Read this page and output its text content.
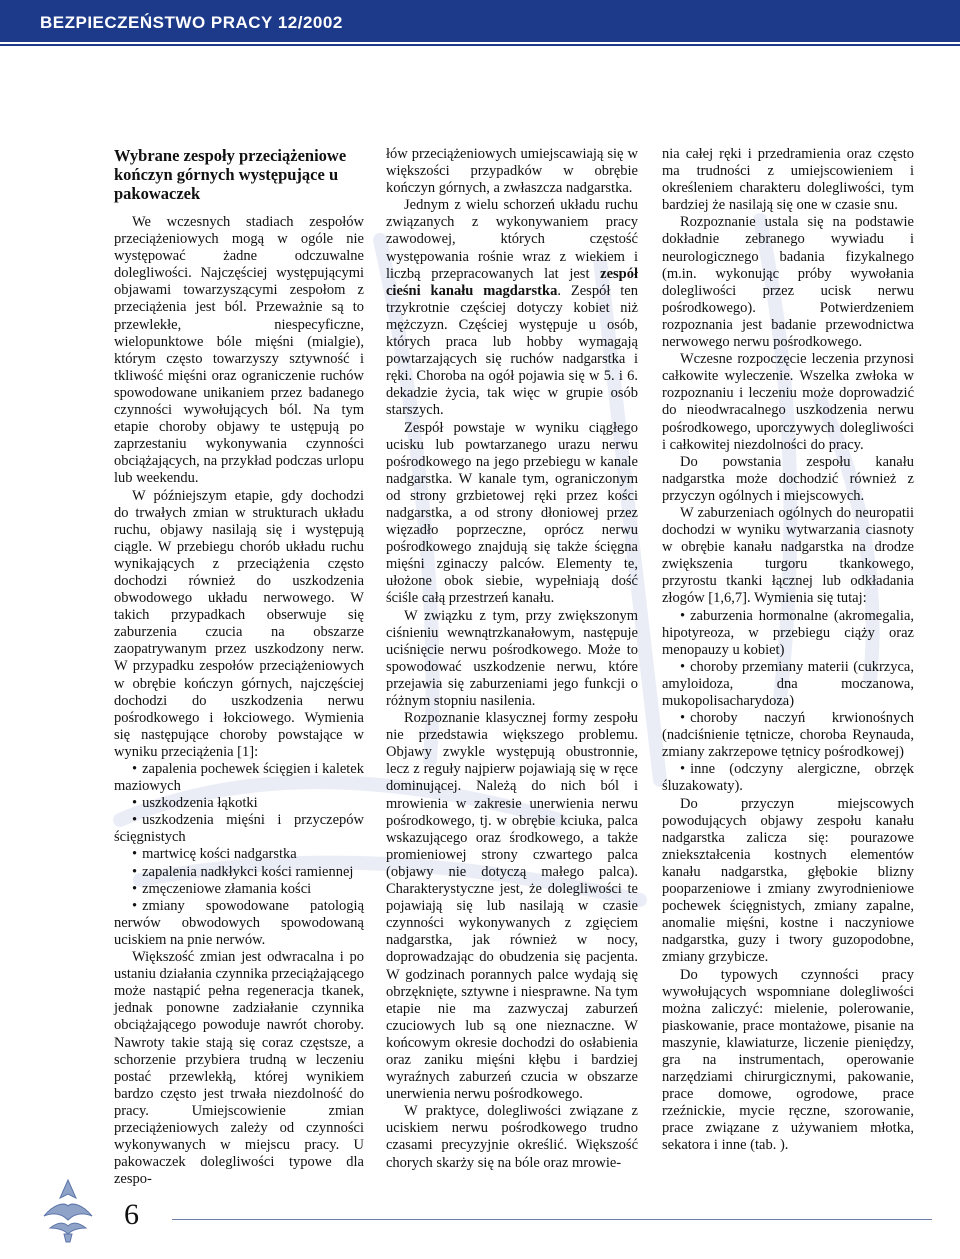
BEZPIECZEŃSTWO PRACY 12/2002
Wybrane zespoły przeciążeniowe kończyn górnych występujące u pakowaczek

We wczesnych stadiach zespołów przeciążeniowych mogą w ogóle nie występować żadne odczuwalne dolegliwości. Najczęściej występującymi objawami towarzyszącymi zespołom z przeciążenia jest ból. Przeważnie są to przewlekłe, niespecyficzne, wielopunktowe bóle mięśni (mialgie), którym często towarzyszy sztywność i tkliwość mięśni oraz ograniczenie ruchów spowodowane unikaniem przez badanego czynności wywołujących ból. Na tym etapie choroby objawy te ustępują po zaprzestaniu wykonywania czynności obciążających, na przykład podczas urlopu lub weekendu.

W późniejszym etapie, gdy dochodzi do trwałych zmian w strukturach układu ruchu, objawy nasilają się i występują ciągle. W przebiegu chorób układu ruchu wynikających z przeciążenia często dochodzi również do uszkodzenia obwodowego układu nerwowego. W takich przypadkach obserwuje się zaburzenia czucia na obszarze zaopatrywanym przez uszkodzony nerw. W przypadku zespołów przeciążeniowych w obrębie kończyn górnych, najczęściej dochodzi do uszkodzenia nerwu pośrodkowego i łokciowego. Wymienia się następujące choroby powstające w wyniku przeciążenia [1]:

• zapalenia pochewek ścięgien i kaletek maziowych
• uszkodzenia łąkotki
• uszkodzenia mięśni i przyczepów ścięgnistych
• martwicę kości nadgarstka
• zapalenia nadkłykci kości ramiennej
• zmęczeniowe złamania kości
• zmiany spowodowane patologią nerwów obwodowych spowodowaną uciskiem na pnie nerwów.

Większość zmian jest odwracalna i po ustaniu działania czynnika przeciążającego może nastąpić pełna regeneracja tkanek, jednak ponowne zadziałanie czynnika obciążającego powoduje nawrót choroby. Nawroty takie stają się coraz częstsze, a schorzenie przybiera trudną w leczeniu postać przewlekłą, której wynikiem bardzo często jest trwała niezdolność do pracy. Umiejscowienie zmian przeciążeniowych zależy od czynności wykonywanych w miejscu pracy. U pakowaczek dolegliwości typowe dla zespo-

łów przeciążeniowych umiejscawiają się w większości przypadków w obrębie kończyn górnych, a zwłaszcza nadgarstka.

Jednym z wielu schorzeń układu ruchu związanych z wykonywaniem pracy zawodowej, których częstość występowania rośnie wraz z wiekiem i liczbą przepracowanych lat jest zespół cieśni kanału magdarstka. Zespół ten trzykrotnie częściej dotyczy kobiet niż mężczyzn. Częściej występuje u osób, których praca lub hobby wymagają powtarzających się ruchów nadgarstka i ręki. Choroba na ogół pojawia się w 5. i 6. dekadzie życia, tak więc w grupie osób starszych.

Zespół powstaje w wyniku ciągłego ucisku lub powtarzanego urazu nerwu pośrodkowego na jego przebiegu w kanale nadgarstka. W kanale tym, ograniczonym od strony grzbietowej ręki przez kości nadgarstka, a od strony dłoniowej przez więzadło poprzeczne, oprócz nerwu pośrodkowego znajdują się także ścięgna mięśni zginaczy palców. Elementy te, ułożone obok siebie, wypełniają dość ściśle całą przestrzeń kanału.

W związku z tym, przy zwiększonym ciśnieniu wewnątrzkanałowym, następuje uciśnięcie nerwu pośrodkowego. Może to spowodować uszkodzenie nerwu, które przejawia się zaburzeniami jego funkcji o różnym stopniu nasilenia.

Rozpoznanie klasycznej formy zespołu nie przedstawia większego problemu. Objawy zwykle występują obustronnie, lecz z reguły najpierw pojawiają się w ręce dominującej. Należą do nich ból i mrowienia w zakresie unerwienia nerwu pośrodkowego, tj. w obrębie kciuka, palca wskazującego oraz środkowego, a także promieniowej strony czwartego palca (objawy nie dotyczą małego palca). Charakterystyczne jest, że dolegliwości te pojawiają się lub nasilają w czasie czynności wykonywanych z zgięciem nadgarstka, jak również w nocy, doprowadzając do obudzenia się pacjenta. W godzinach porannych palce wydają się obrzęknięte, sztywne i niesprawne. Na tym etapie nie ma zazwyczaj zaburzeń czuciowych lub są one nieznaczne. W końcowym okresie dochodzi do osłabienia oraz zaniku mięśni kłębu i bardziej wyraźnych zaburzeń czucia w obszarze unerwienia nerwu pośrodkowego.

W praktyce, dolegliwości związane z uciskiem nerwu pośrodkowego trudno czasami precyzyjnie określić. Większość chorych skarży się na bóle oraz mrowie-

nia całej ręki i przedramienia oraz często ma trudności z umiejscowieniem i określeniem charakteru dolegliwości, tym bardziej że nasilają się one w czasie snu.

Rozpoznanie ustala się na podstawie dokładnie zebranego wywiadu i neurologicznego badania fizykalnego (m.in. wykonując próby wywołania dolegliwości przez ucisk nerwu pośrodkowego). Potwierdzeniem rozpoznania jest badanie przewodnictwa nerwowego nerwu pośrodkowego.

Wczesne rozpoczęcie leczenia przynosi całkowite wyleczenie. Wszelka zwłoka w rozpoznaniu i leczeniu może doprowadzić do nieodwracalnego uszkodzenia nerwu pośrodkowego, uporczywych dolegliwości i całkowitej niezdolności do pracy.

Do powstania zespołu kanału nadgarstka może dochodzić również z przyczyn ogólnych i miejscowych.

W zaburzeniach ogólnych do neuropatii dochodzi w wyniku wytwarzania ciasnoty w obrębie kanału nadgarstka na drodze zwiększenia turgoru tkankowego, przyrostu tkanki łącznej lub odkładania złogów [1,6,7]. Wymienia się tutaj:

• zaburzenia hormonalne (akromegalia, hipotyreoza, w przebiegu ciąży oraz menopauzy u kobiet)
• choroby przemiany materii (cukrzyca, amyloidoza, dna moczanowa, mukopolisacharydoza)
• choroby naczyń krwionośnych (nadciśnienie tętnicze, choroba Reynauda, zmiany zakrzepowe tętnicy pośrodkowej)
• inne (odczyny alergiczne, obrzęk śluzakowaty).

Do przyczyn miejscowych powodujących objawy zespołu kanału nadgarstka zalicza się: pourazowe zniekształcenia kostnych elementów kanału nadgarstka, głębokie blizny pooparzeniowe i zmiany zwyrodnieniowe pochewek ścięgnistych, zmiany zapalne, anomalie mięśni, kostne i naczyniowe nadgarstka, guzy i twory guzopodobne, zmiany grzybicze.

Do typowych czynności pracy wywołujących wspomniane dolegliwości można zaliczyć: mielenie, polerowanie, piaskowanie, prace montażowe, pisanie na maszynie, klawiaturze, liczenie pieniędzy, gra na instrumentach, operowanie narzędziami chirurgicznymi, pakowanie, prace domowe, ogrodowe, prace rzeźnickie, mycie ręczne, szorowanie, prace związane z używaniem młotka, sekatora i inne (tab. ).

6
